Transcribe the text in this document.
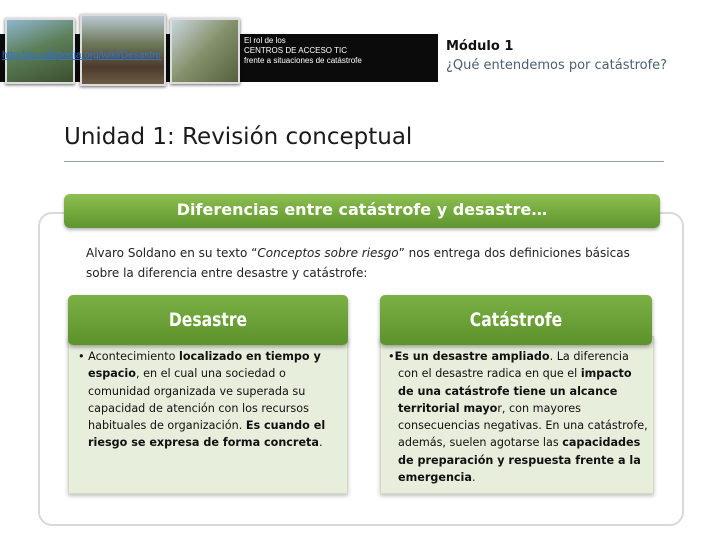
http://es.wikipedia.org/wiki/Desastre
El rol de los
CENTROS DE ACCESO TIC
frente a situaciones de catástrofe
Módulo 1
¿Qué entendemos por catástrofe?
Unidad 1: Revisión conceptual
Diferencias entre catástrofe y desastre…
Alvaro Soldano en su texto “Conceptos sobre riesgo” nos entrega dos definiciones básicas sobre la diferencia entre desastre y catástrofe:
Desastre

• Acontecimiento localizado en tiempo y espacio, en el cual una sociedad o comunidad organizada ve superada su capacidad de atención con los recursos habituales de organización. Es cuando el riesgo se expresa de forma concreta.

Catástrofe

•Es un desastre ampliado. La diferencia con el desastre radica en que el impacto de una catástrofe tiene un alcance territorial mayor, con mayores consecuencias negativas. En una catástrofe, además, suelen agotarse las capacidades de preparación y respuesta frente a la emergencia.
